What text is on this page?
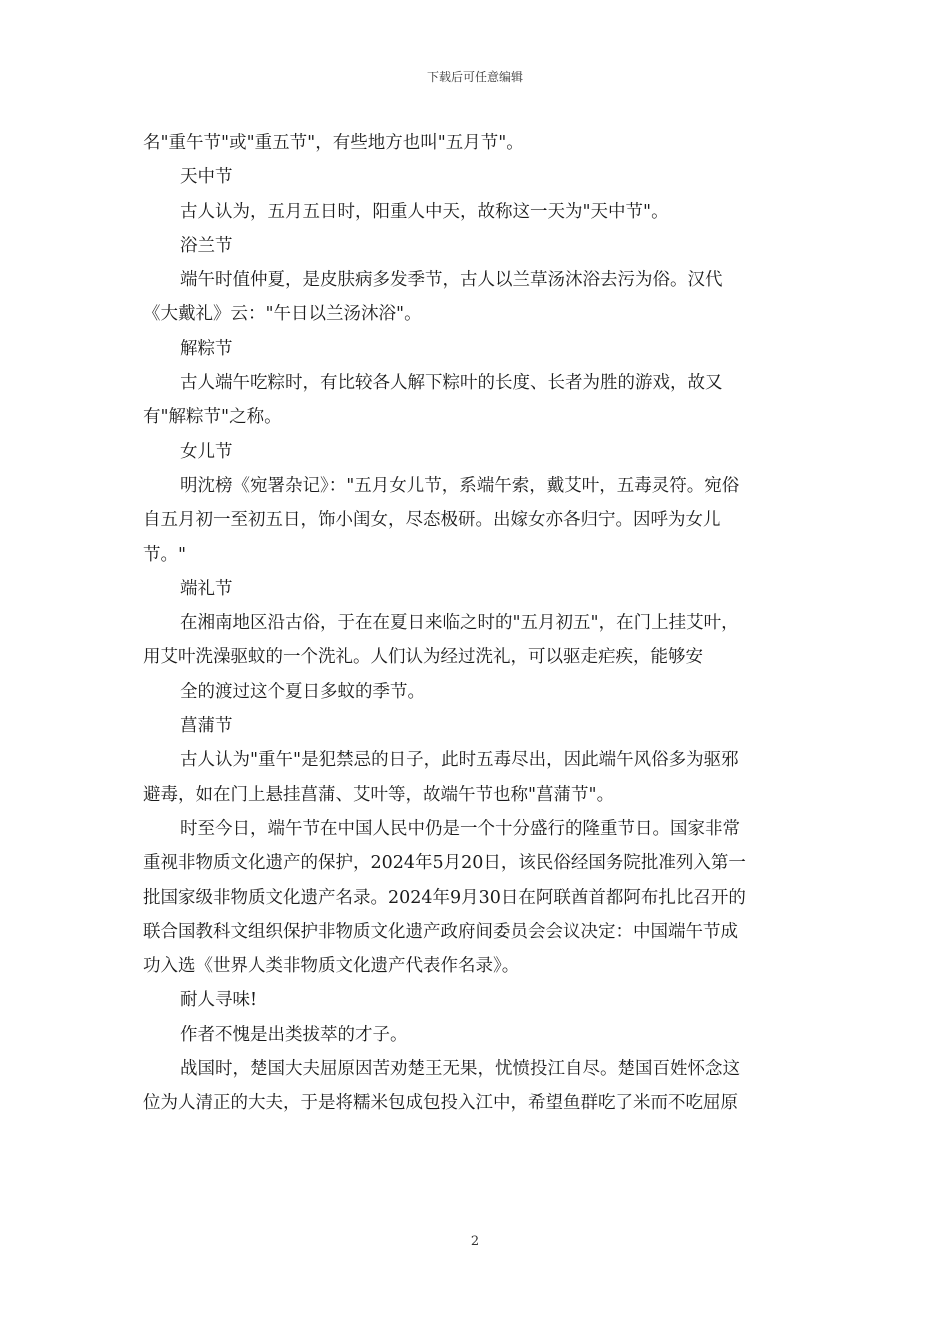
下载后可任意编辑
名"重午节"或"重五节"，有些地方也叫"五月节"。
天中节
古人认为，五月五日时，阳重人中天，故称这一天为"天中节"。
浴兰节
端午时值仲夏，是皮肤病多发季节，古人以兰草汤沐浴去污为俗。汉代
《大戴礼》云："午日以兰汤沐浴"。
解粽节
古人端午吃粽时，有比较各人解下粽叶的长度、长者为胜的游戏，故又
有"解粽节"之称。
女儿节
明沈榜《宛署杂记》："五月女儿节，系端午索，戴艾叶，五毒灵符。宛俗
自五月初一至初五日，饰小闺女，尽态极研。出嫁女亦各归宁。因呼为女儿
节。"
端礼节
在湘南地区沿古俗，于在在夏日来临之时的"五月初五"，在门上挂艾叶，
用艾叶洗澡驱蚊的一个洗礼。人们认为经过洗礼，可以驱走疟疾，能够安
全的渡过这个夏日多蚊的季节。
菖蒲节
古人认为"重午"是犯禁忌的日子，此时五毒尽出，因此端午风俗多为驱邪
避毒，如在门上悬挂菖蒲、艾叶等，故端午节也称"菖蒲节"。
时至今日，端午节在中国人民中仍是一个十分盛行的隆重节日。国家非常
重视非物质文化遗产的保护，2024年5月20日，该民俗经国务院批准列入第一
批国家级非物质文化遗产名录。2024年9月30日在阿联酋首都阿布扎比召开的
联合国教科文组织保护非物质文化遗产政府间委员会会议决定：中国端午节成
功入选《世界人类非物质文化遗产代表作名录》。
耐人寻味!
作者不愧是出类拔萃的才子。
战国时，楚国大夫屈原因苦劝楚王无果，忧愤投江自尽。楚国百姓怀念这
位为人清正的大夫，于是将糯米包成包投入江中，希望鱼群吃了米而不吃屈原
2
